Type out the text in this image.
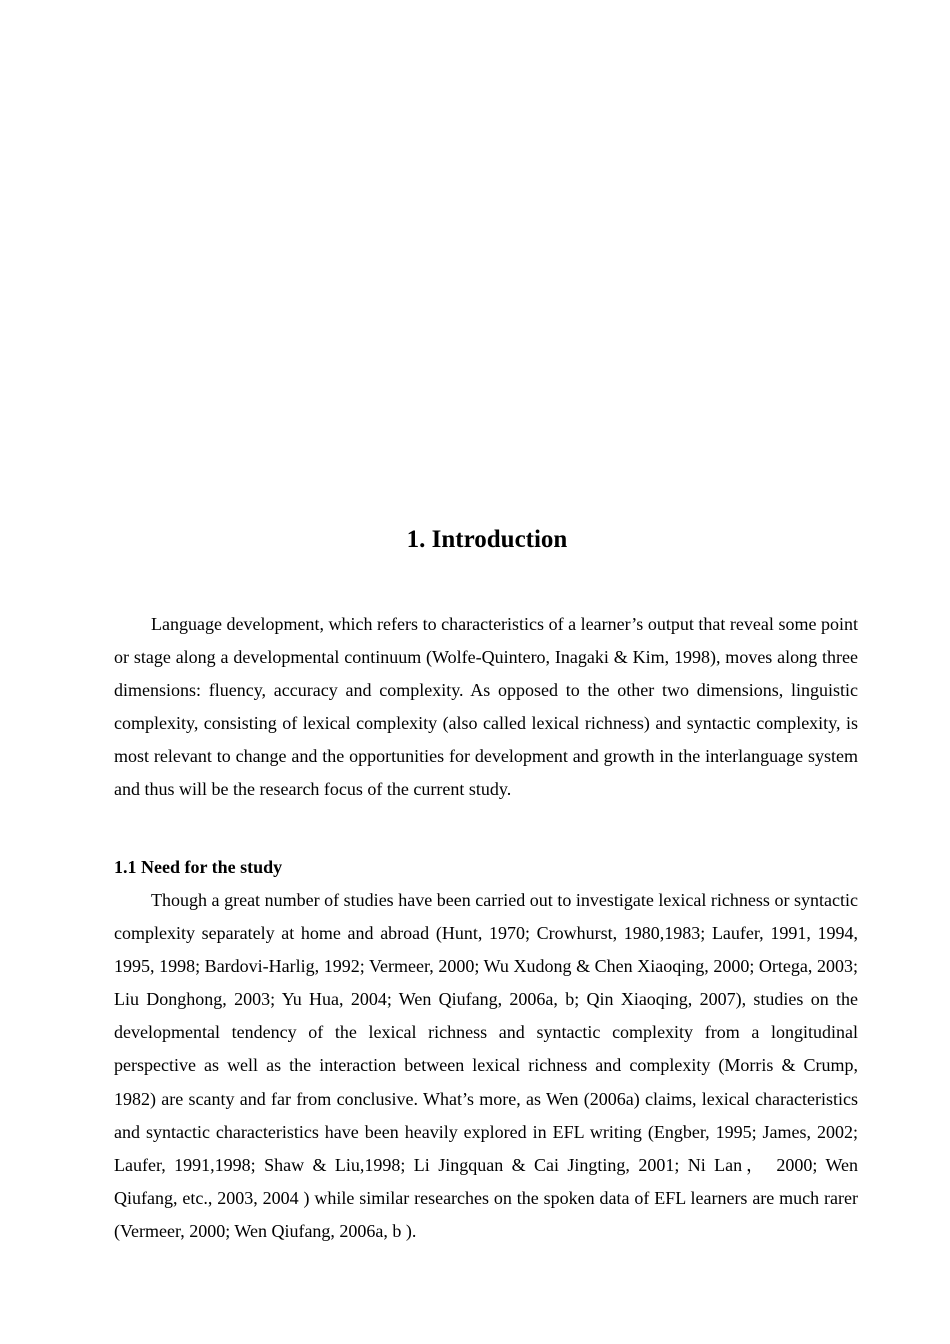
1. Introduction

Language development, which refers to characteristics of a learner’s output that reveal some point or stage along a developmental continuum (Wolfe-Quintero, Inagaki & Kim, 1998), moves along three dimensions: fluency, accuracy and complexity. As opposed to the other two dimensions, linguistic complexity, consisting of lexical complexity (also called lexical richness) and syntactic complexity, is most relevant to change and the opportunities for development and growth in the interlanguage system and thus will be the research focus of the current study.

1.1 Need for the study

Though a great number of studies have been carried out to investigate lexical richness or syntactic complexity separately at home and abroad (Hunt, 1970; Crowhurst, 1980,1983; Laufer, 1991, 1994, 1995, 1998; Bardovi-Harlig, 1992; Vermeer, 2000; Wu Xudong & Chen Xiaoqing, 2000; Ortega, 2003; Liu Donghong, 2003; Yu Hua, 2004; Wen Qiufang, 2006a, b; Qin Xiaoqing, 2007), studies on the developmental tendency of the lexical richness and syntactic complexity from a longitudinal perspective as well as the interaction between lexical richness and complexity (Morris & Crump, 1982) are scanty and far from conclusive. What’s more, as Wen (2006a) claims, lexical characteristics and syntactic characteristics have been heavily explored in EFL writing (Engber, 1995; James, 2002; Laufer, 1991,1998; Shaw & Liu,1998; Li Jingquan & Cai Jingting, 2001; Ni Lan， 2000; Wen Qiufang, etc., 2003, 2004 ) while similar researches on the spoken data of EFL learners are much rarer (Vermeer, 2000; Wen Qiufang, 2006a, b ).
